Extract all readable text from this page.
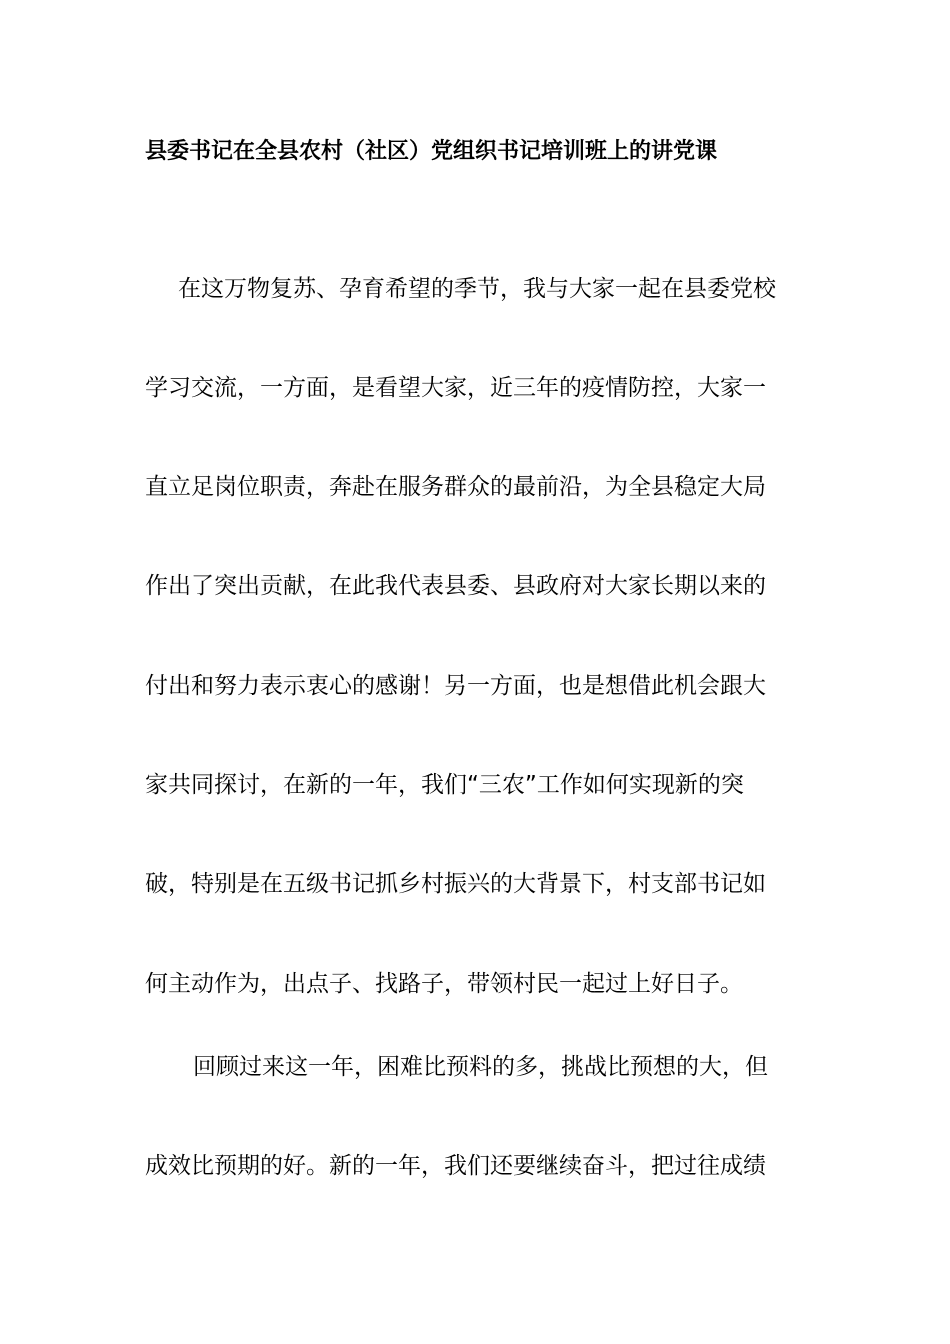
县委书记在全县农村（社区）党组织书记培训班上的讲党课

在这万物复苏、孕育希望的季节，我与大家一起在县委党校

学习交流，一方面，是看望大家，近三年的疫情防控，大家一

直立足岗位职责，奔赴在服务群众的最前沿，为全县稳定大局

作出了突出贡献，在此我代表县委、县政府对大家长期以来的

付出和努力表示衷心的感谢！另一方面，也是想借此机会跟大

家共同探讨，在新的一年，我们“三农”工作如何实现新的突

破，特别是在五级书记抓乡村振兴的大背景下，村支部书记如

何主动作为，出点子、找路子，带领村民一起过上好日子。

回顾过来这一年，困难比预料的多，挑战比预想的大，但

成效比预期的好。新的一年，我们还要继续奋斗，把过往成绩
